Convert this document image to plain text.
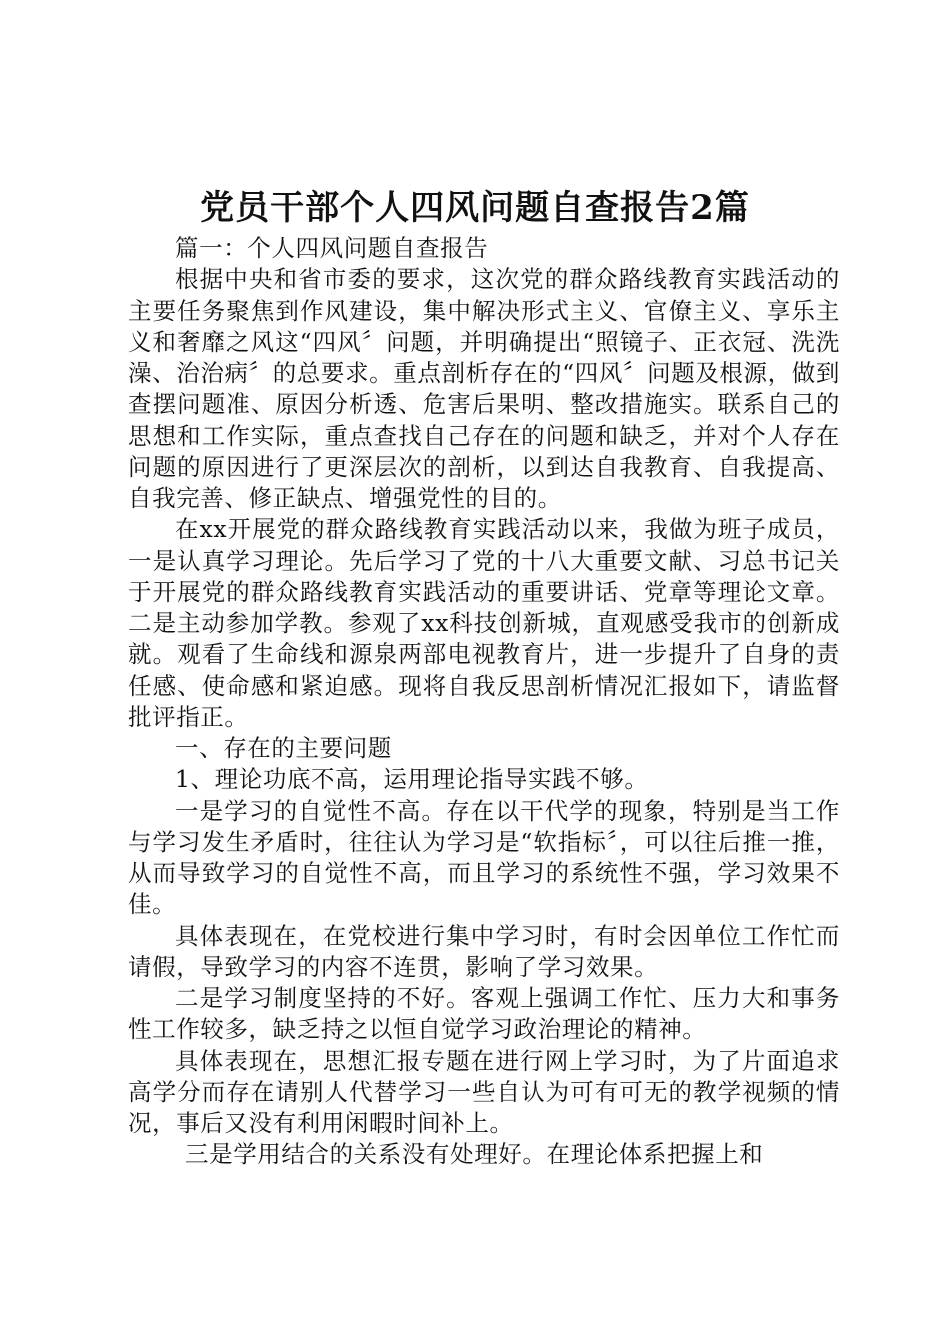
党员干部个人四风问题自查报告2篇

篇一：个人四风问题自查报告

根据中央和省市委的要求，这次党的群众路线教育实践活动的主要任务聚焦到作风建设，集中解决形式主义、官僚主义、享乐主义和奢靡之风这“四风〞问题，并明确提出“照镜子、正衣冠、洗洗澡、治治病〞的总要求。重点剖析存在的“四风〞问题及根源，做到查摆问题准、原因分析透、危害后果明、整改措施实。联系自己的思想和工作实际，重点查找自己存在的问题和缺乏，并对个人存在问题的原因进行了更深层次的剖析，以到达自我教育、自我提高、自我完善、修正缺点、增强党性的目的。

在xx开展党的群众路线教育实践活动以来，我做为班子成员，一是认真学习理论。先后学习了党的十八大重要文献、习总书记关于开展党的群众路线教育实践活动的重要讲话、党章等理论文章。二是主动参加学教。参观了xx科技创新城，直观感受我市的创新成就。观看了生命线和源泉两部电视教育片，进一步提升了自身的责任感、使命感和紧迫感。现将自我反思剖析情况汇报如下，请监督批评指正。

一、存在的主要问题

1、理论功底不高，运用理论指导实践不够。

一是学习的自觉性不高。存在以干代学的现象，特别是当工作与学习发生矛盾时，往往认为学习是“软指标〞，可以往后推一推，从而导致学习的自觉性不高，而且学习的系统性不强，学习效果不佳。

具体表现在，在党校进行集中学习时，有时会因单位工作忙而请假，导致学习的内容不连贯，影响了学习效果。

二是学习制度坚持的不好。客观上强调工作忙、压力大和事务性工作较多，缺乏持之以恒自觉学习政治理论的精神。

具体表现在，思想汇报专题在进行网上学习时，为了片面追求高学分而存在请别人代替学习一些自认为可有可无的教学视频的情况，事后又没有利用闲暇时间补上。

三是学用结合的关系没有处理好。在理论体系把握上和
